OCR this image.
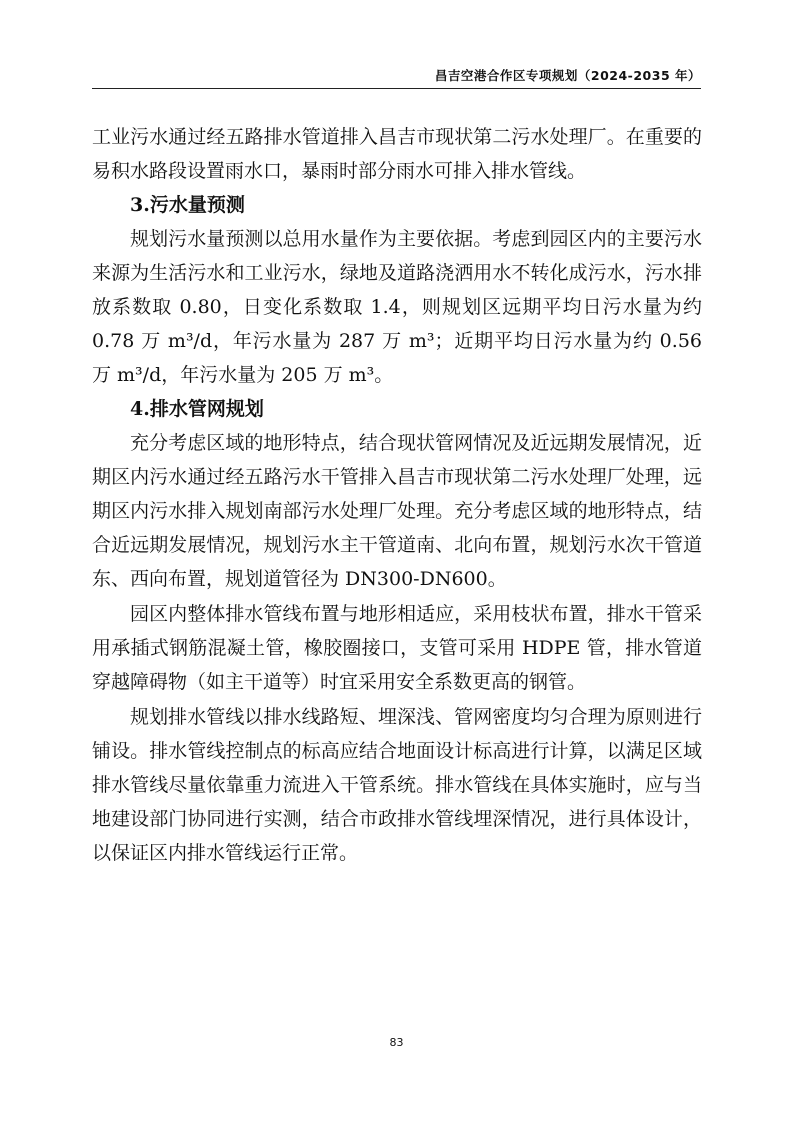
昌吉空港合作区专项规划（2024-2035 年）

工业污水通过经五路排水管道排入昌吉市现状第二污水处理厂。在重要的易积水路段设置雨水口，暴雨时部分雨水可排入排水管线。

3.污水量预测

规划污水量预测以总用水量作为主要依据。考虑到园区内的主要污水来源为生活污水和工业污水，绿地及道路浇洒用水不转化成污水，污水排放系数取 0.80，日变化系数取 1.4，则规划区远期平均日污水量为约 0.78 万 m³/d，年污水量为 287 万 m³；近期平均日污水量为约 0.56 万 m³/d，年污水量为 205 万 m³。

4.排水管网规划

充分考虑区域的地形特点，结合现状管网情况及近远期发展情况，近期区内污水通过经五路污水干管排入昌吉市现状第二污水处理厂处理，远期区内污水排入规划南部污水处理厂处理。充分考虑区域的地形特点，结合近远期发展情况，规划污水主干管道南、北向布置，规划污水次干管道东、西向布置，规划道管径为 DN300-DN600。

园区内整体排水管线布置与地形相适应，采用枝状布置，排水干管采用承插式钢筋混凝土管，橡胶圈接口，支管可采用 HDPE 管，排水管道穿越障碍物（如主干道等）时宜采用安全系数更高的钢管。

规划排水管线以排水线路短、埋深浅、管网密度均匀合理为原则进行铺设。排水管线控制点的标高应结合地面设计标高进行计算，以满足区域排水管线尽量依靠重力流进入干管系统。排水管线在具体实施时，应与当地建设部门协同进行实测，结合市政排水管线埋深情况，进行具体设计，以保证区内排水管线运行正常。

83
